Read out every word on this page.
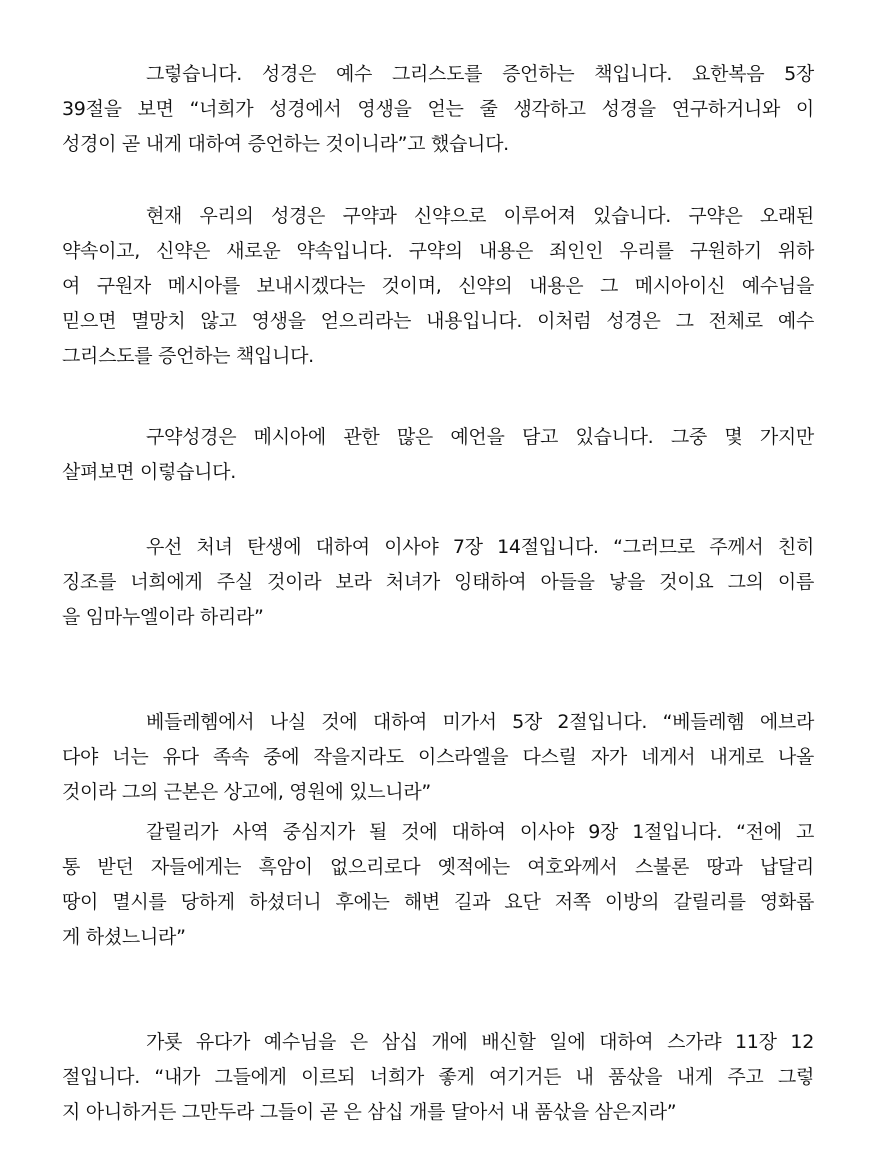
그렇습니다. 성경은 예수 그리스도를 증언하는 책입니다. 요한복음 5장
39절을 보면 “너희가 성경에서 영생을 얻는 줄 생각하고 성경을 연구하거니와 이
성경이 곧 내게 대하여 증언하는 것이니라”고 했습니다.
현재 우리의 성경은 구약과 신약으로 이루어져 있습니다. 구약은 오래된
약속이고, 신약은 새로운 약속입니다. 구약의 내용은 죄인인 우리를 구원하기 위하
여 구원자 메시아를 보내시겠다는 것이며, 신약의 내용은 그 메시아이신 예수님을
믿으면 멸망치 않고 영생을 얻으리라는 내용입니다. 이처럼 성경은 그 전체로 예수
그리스도를 증언하는 책입니다.
구약성경은 메시아에 관한 많은 예언을 담고 있습니다. 그중 몇 가지만
살펴보면 이렇습니다.
우선 처녀 탄생에 대하여 이사야 7장 14절입니다. “그러므로 주께서 친히
징조를 너희에게 주실 것이라 보라 처녀가 잉태하여 아들을 낳을 것이요 그의 이름
을 임마누엘이라 하리라”
베들레헴에서 나실 것에 대하여 미가서 5장 2절입니다. “베들레헴 에브라
다야 너는 유다 족속 중에 작을지라도 이스라엘을 다스릴 자가 네게서 내게로 나올
것이라 그의 근본은 상고에, 영원에 있느니라”
갈릴리가 사역 중심지가 될 것에 대하여 이사야 9장 1절입니다. “전에 고
통 받던 자들에게는 흑암이 없으리로다 옛적에는 여호와께서 스불론 땅과 납달리
땅이 멸시를 당하게 하셨더니 후에는 해변 길과 요단 저쪽 이방의 갈릴리를 영화롭
게 하셨느니라”
가룟 유다가 예수님을 은 삼십 개에 배신할 일에 대하여 스가랴 11장 12
절입니다. “내가 그들에게 이르되 너희가 좋게 여기거든 내 품삯을 내게 주고 그렇
지 아니하거든 그만두라 그들이 곧 은 삼십 개를 달아서 내 품삯을 삼은지라”
